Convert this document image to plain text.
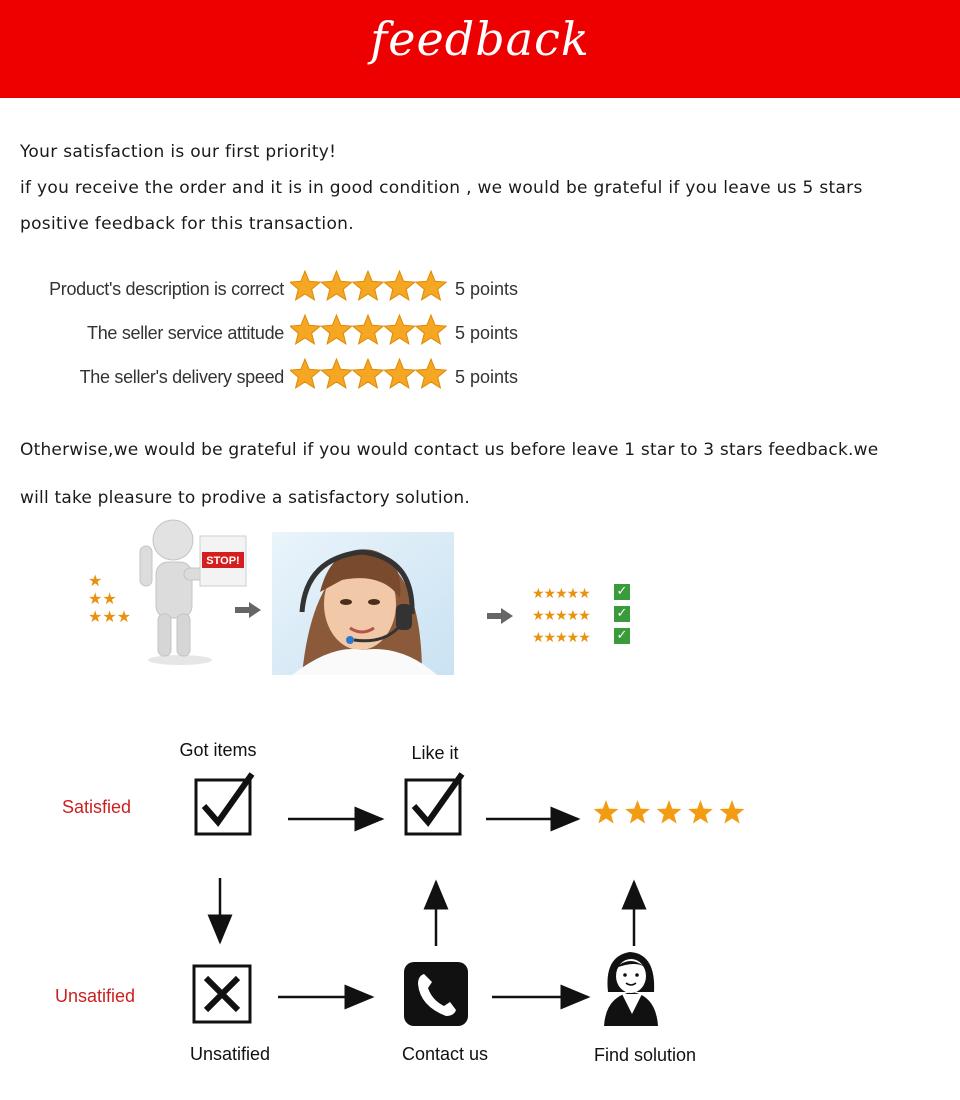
feedback
Your satisfaction is our first priority!
if you receive the order and it is in good condition , we would be grateful if you leave us 5 stars
positive feedback for this transaction.
Product's description is correct	5 points
The seller service attitude	5 points
The seller's delivery speed	5 points
Otherwise,we would be grateful if you would contact us before leave 1 star to 3 stars feedback.we
will take pleasure to prodive a satisfactory solution.
★
★★
★★★
STOP!
★★★★★ ✓
★★★★★ ✓
★★★★★ ✓
Got items	Like it
Satisfied
Unsatified
Unsatified	Contact us	Find solution
